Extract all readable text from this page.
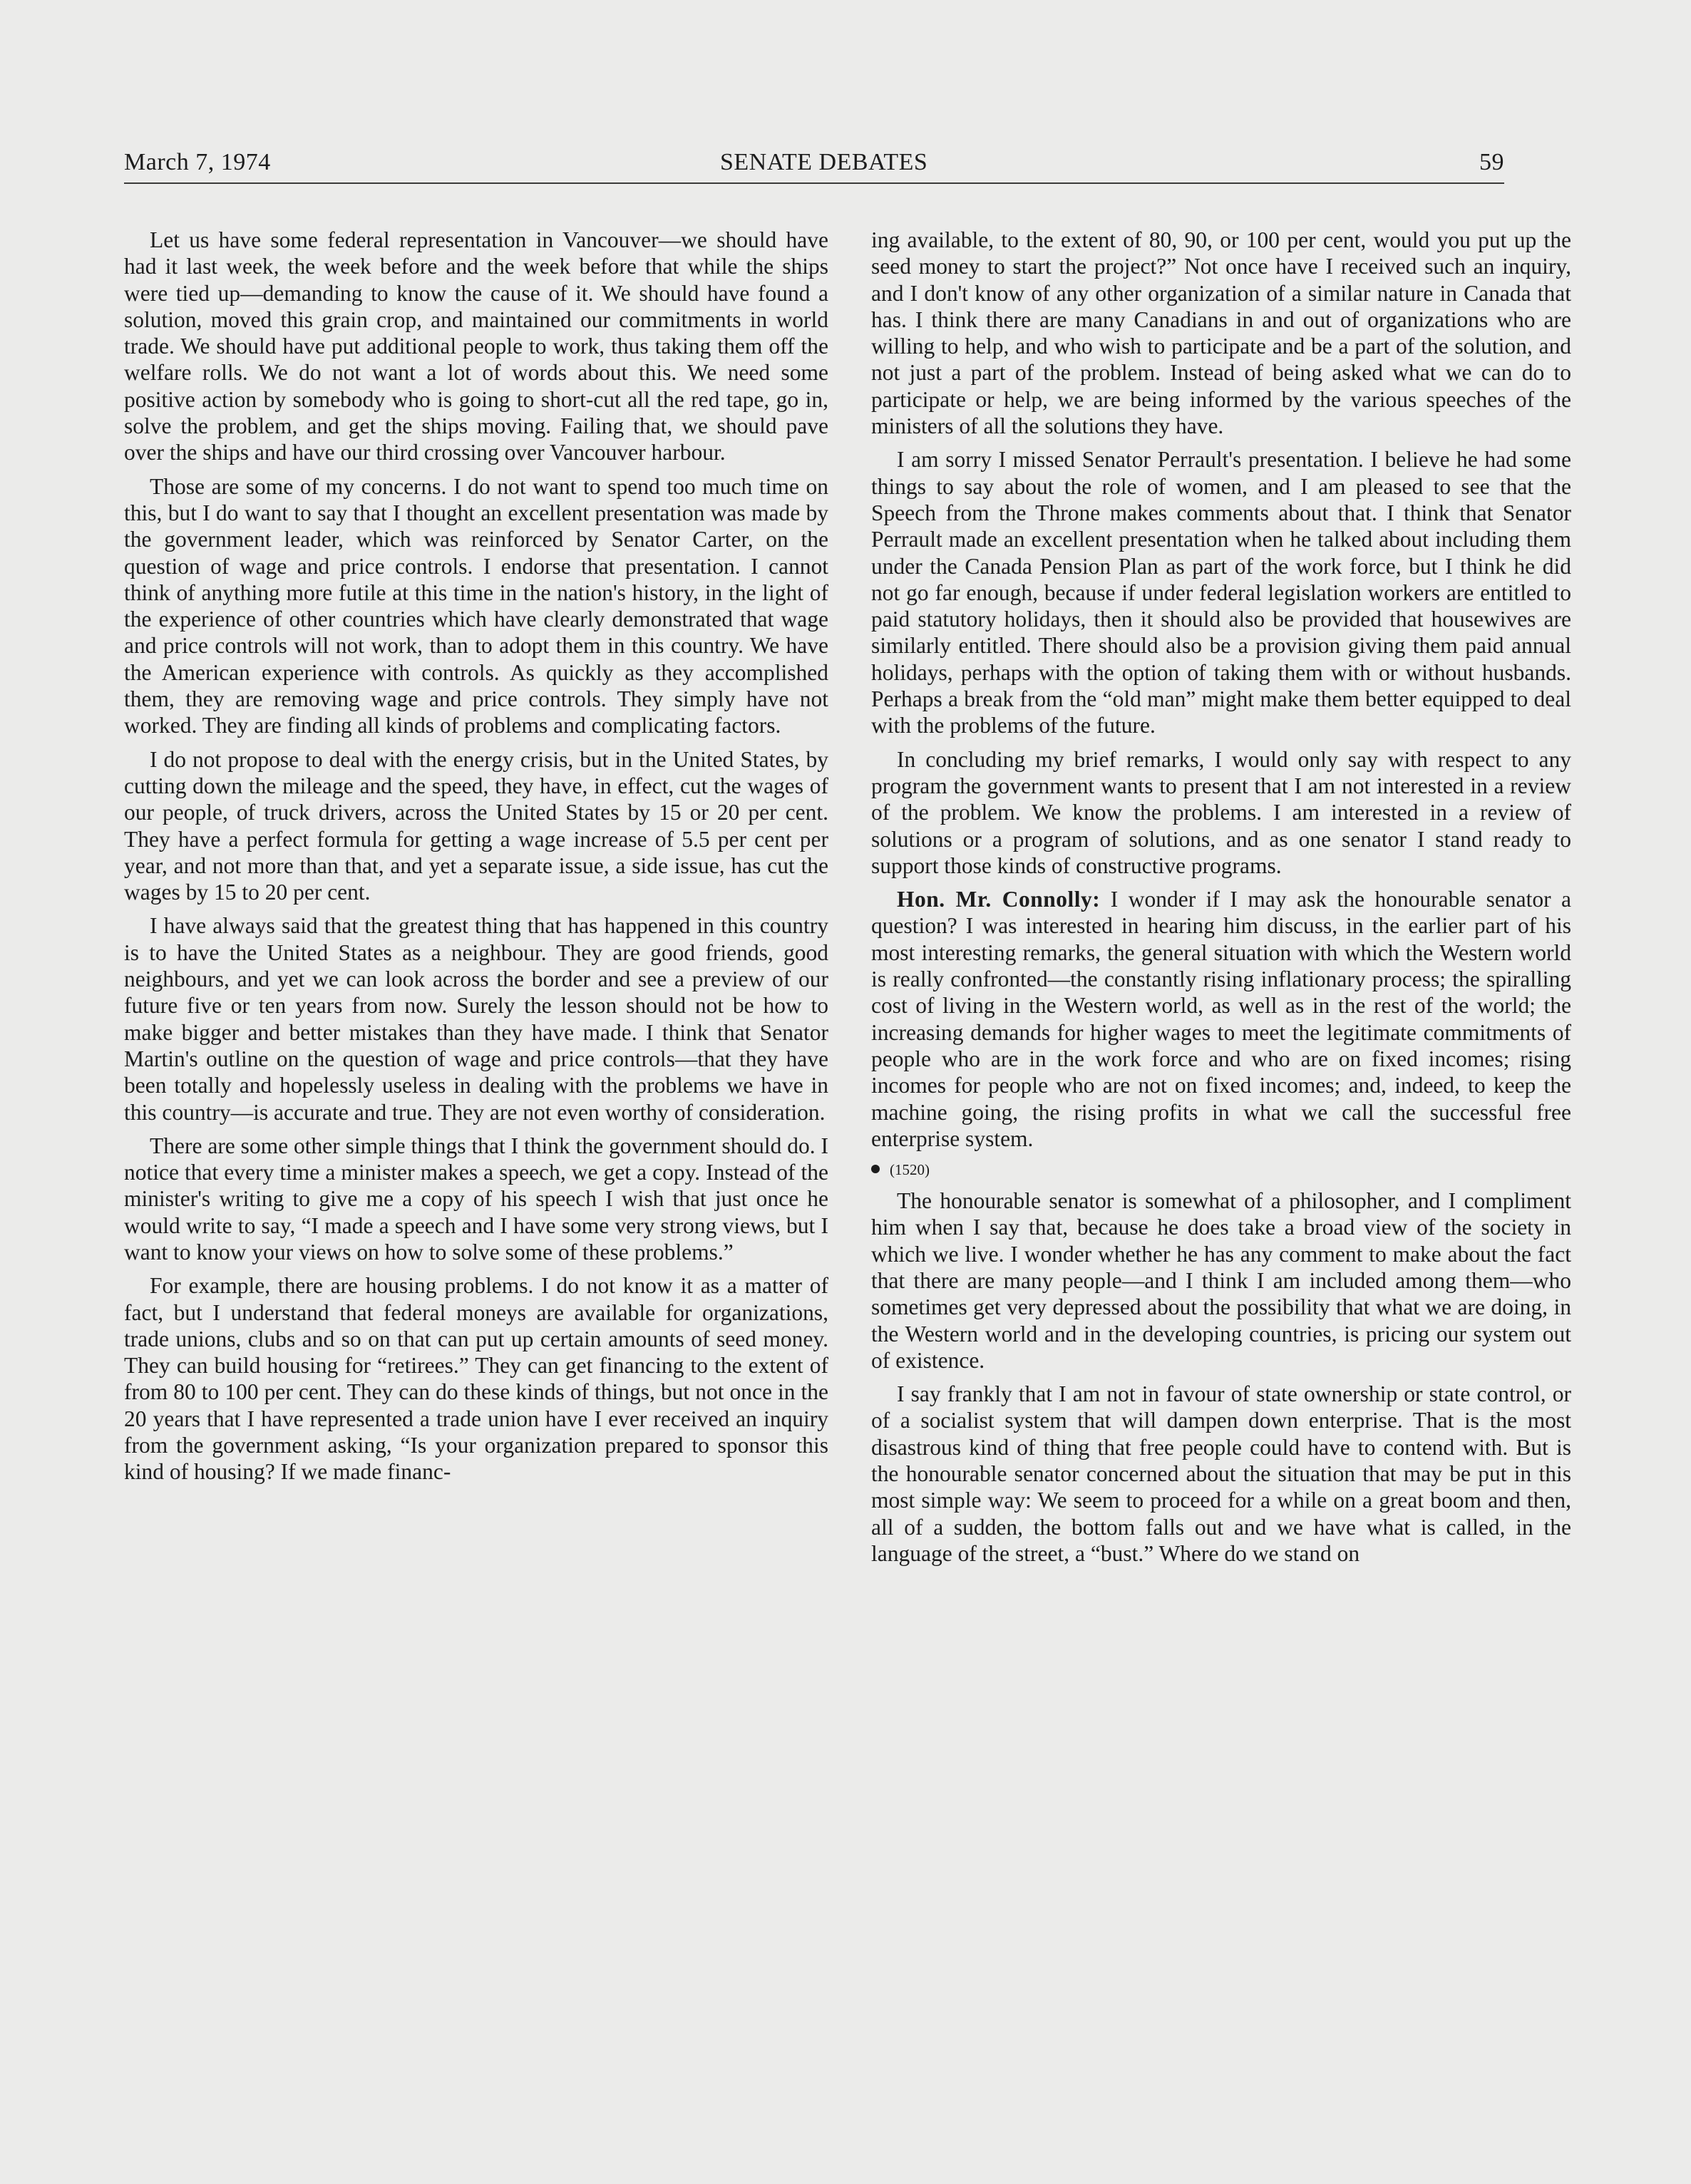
March 7, 1974	SENATE DEBATES	59

Let us have some federal representation in Vancouver—we should have had it last week, the week before and the week before that while the ships were tied up—demanding to know the cause of it. We should have found a solution, moved this grain crop, and maintained our commitments in world trade. We should have put additional people to work, thus taking them off the welfare rolls. We do not want a lot of words about this. We need some positive action by somebody who is going to short-cut all the red tape, go in, solve the problem, and get the ships moving. Failing that, we should pave over the ships and have our third crossing over Vancouver harbour.

Those are some of my concerns. I do not want to spend too much time on this, but I do want to say that I thought an excellent presentation was made by the government leader, which was reinforced by Senator Carter, on the question of wage and price controls. I endorse that presentation. I cannot think of anything more futile at this time in the nation's history, in the light of the experience of other countries which have clearly demonstrated that wage and price controls will not work, than to adopt them in this country. We have the American experience with controls. As quickly as they accomplished them, they are removing wage and price controls. They simply have not worked. They are finding all kinds of problems and complicating factors.

I do not propose to deal with the energy crisis, but in the United States, by cutting down the mileage and the speed, they have, in effect, cut the wages of our people, of truck drivers, across the United States by 15 or 20 per cent. They have a perfect formula for getting a wage increase of 5.5 per cent per year, and not more than that, and yet a separate issue, a side issue, has cut the wages by 15 to 20 per cent.

I have always said that the greatest thing that has happened in this country is to have the United States as a neighbour. They are good friends, good neighbours, and yet we can look across the border and see a preview of our future five or ten years from now. Surely the lesson should not be how to make bigger and better mistakes than they have made. I think that Senator Martin's outline on the question of wage and price controls—that they have been totally and hopelessly useless in dealing with the problems we have in this country—is accurate and true. They are not even worthy of consideration.

There are some other simple things that I think the government should do. I notice that every time a minister makes a speech, we get a copy. Instead of the minister's writing to give me a copy of his speech I wish that just once he would write to say, “I made a speech and I have some very strong views, but I want to know your views on how to solve some of these problems.”

For example, there are housing problems. I do not know it as a matter of fact, but I understand that federal moneys are available for organizations, trade unions, clubs and so on that can put up certain amounts of seed money. They can build housing for “retirees.” They can get financing to the extent of from 80 to 100 per cent. They can do these kinds of things, but not once in the 20 years that I have represented a trade union have I ever received an inquiry from the government asking, “Is your organization prepared to sponsor this kind of housing? If we made financ-

ing available, to the extent of 80, 90, or 100 per cent, would you put up the seed money to start the project?” Not once have I received such an inquiry, and I don't know of any other organization of a similar nature in Canada that has. I think there are many Canadians in and out of organizations who are willing to help, and who wish to participate and be a part of the solution, and not just a part of the problem. Instead of being asked what we can do to participate or help, we are being informed by the various speeches of the ministers of all the solutions they have.

I am sorry I missed Senator Perrault's presentation. I believe he had some things to say about the role of women, and I am pleased to see that the Speech from the Throne makes comments about that. I think that Senator Perrault made an excellent presentation when he talked about including them under the Canada Pension Plan as part of the work force, but I think he did not go far enough, because if under federal legislation workers are entitled to paid statutory holidays, then it should also be provided that housewives are similarly entitled. There should also be a provision giving them paid annual holidays, perhaps with the option of taking them with or without husbands. Perhaps a break from the “old man” might make them better equipped to deal with the problems of the future.

In concluding my brief remarks, I would only say with respect to any program the government wants to present that I am not interested in a review of the problem. We know the problems. I am interested in a review of solutions or a program of solutions, and as one senator I stand ready to support those kinds of constructive programs.

Hon. Mr. Connolly: I wonder if I may ask the honourable senator a question? I was interested in hearing him discuss, in the earlier part of his most interesting remarks, the general situation with which the Western world is really confronted—the constantly rising inflationary process; the spiralling cost of living in the Western world, as well as in the rest of the world; the increasing demands for higher wages to meet the legitimate commitments of people who are in the work force and who are on fixed incomes; rising incomes for people who are not on fixed incomes; and, indeed, to keep the machine going, the rising profits in what we call the successful free enterprise system.

(1520)

The honourable senator is somewhat of a philosopher, and I compliment him when I say that, because he does take a broad view of the society in which we live. I wonder whether he has any comment to make about the fact that there are many people—and I think I am included among them—who sometimes get very depressed about the possibility that what we are doing, in the Western world and in the developing countries, is pricing our system out of existence.

I say frankly that I am not in favour of state ownership or state control, or of a socialist system that will dampen down enterprise. That is the most disastrous kind of thing that free people could have to contend with. But is the honourable senator concerned about the situation that may be put in this most simple way: We seem to proceed for a while on a great boom and then, all of a sudden, the bottom falls out and we have what is called, in the language of the street, a “bust.” Where do we stand on
